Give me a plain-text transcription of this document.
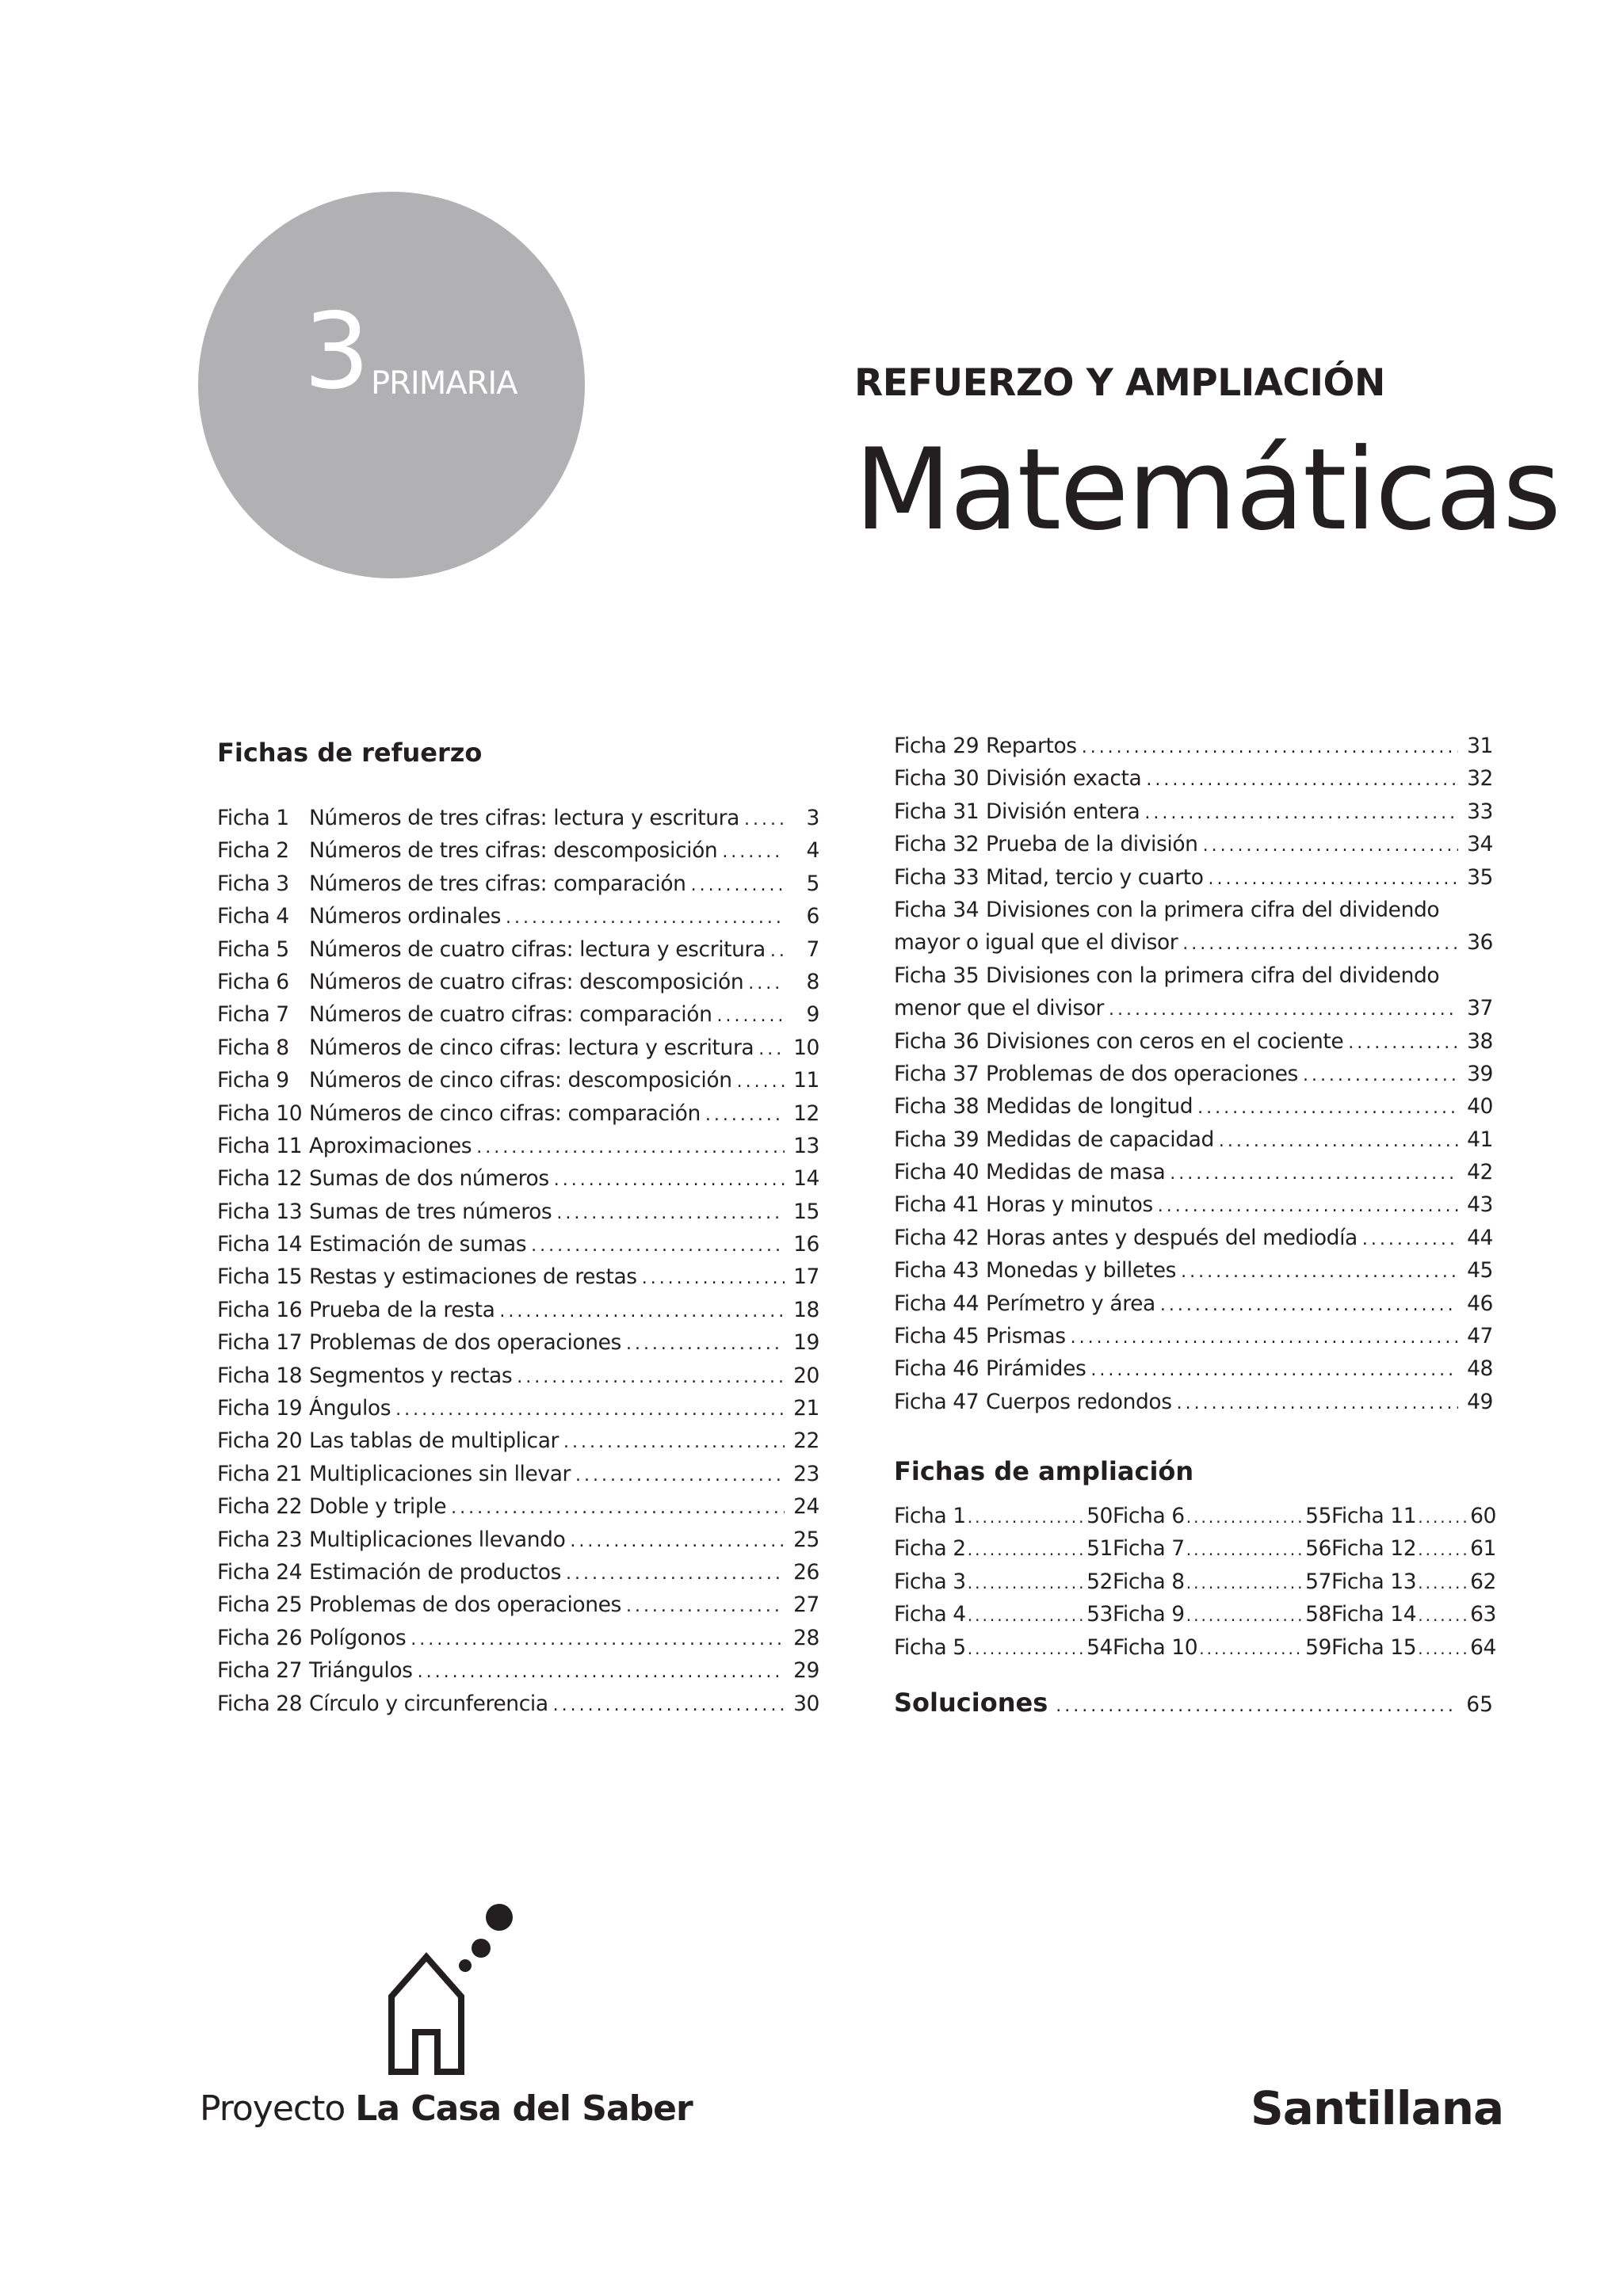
3 PRIMARIA	REFUERZO Y AMPLIACIÓN
Matemáticas
Fichas de refuerzo
Ficha 1 Números de tres cifras: lectura y escritura .....	3
Ficha 2 Números de tres cifras: descomposición .....	4
Ficha 3 Números de tres cifras: comparación .....	5
Ficha 4 Números ordinales .....	6
Ficha 5 Números de cuatro cifras: lectura y escritura .....	7
Ficha 6 Números de cuatro cifras: descomposición .....	8
Ficha 7 Números de cuatro cifras: comparación .....	9
Ficha 8 Números de cinco cifras: lectura y escritura .....	10
Ficha 9 Números de cinco cifras: descomposición .....	11
Ficha 10 Números de cinco cifras: comparación .....	12
Ficha 11 Aproximaciones .....	13
Ficha 12 Sumas de dos números .....	14
Ficha 13 Sumas de tres números .....	15
Ficha 14 Estimación de sumas .....	16
Ficha 15 Restas y estimaciones de restas .....	17
Ficha 16 Prueba de la resta .....	18
Ficha 17 Problemas de dos operaciones .....	19
Ficha 18 Segmentos y rectas .....	20
Ficha 19 Ángulos .....	21
Ficha 20 Las tablas de multiplicar .....	22
Ficha 21 Multiplicaciones sin llevar .....	23
Ficha 22 Doble y triple .....	24
Ficha 23 Multiplicaciones llevando .....	25
Ficha 24 Estimación de productos .....	26
Ficha 25 Problemas de dos operaciones .....	27
Ficha 26 Polígonos .....	28
Ficha 27 Triángulos .....	29
Ficha 28 Círculo y circunferencia .....	30
Ficha 29 Repartos .....	31
Ficha 30 División exacta .....	32
Ficha 31 División entera .....	33
Ficha 32 Prueba de la división .....	34
Ficha 33 Mitad, tercio y cuarto .....	35
Ficha 34 Divisiones con la primera cifra del dividendo
mayor o igual que el divisor .....	36
Ficha 35 Divisiones con la primera cifra del dividendo
menor que el divisor .....	37
Ficha 36 Divisiones con ceros en el cociente .....	38
Ficha 37 Problemas de dos operaciones .....	39
Ficha 38 Medidas de longitud .....	40
Ficha 39 Medidas de capacidad .....	41
Ficha 40 Medidas de masa .....	42
Ficha 41 Horas y minutos .....	43
Ficha 42 Horas antes y después del mediodía .....	44
Ficha 43 Monedas y billetes .....	45
Ficha 44 Perímetro y área .....	46
Ficha 45 Prismas .....	47
Ficha 46 Pirámides .....	48
Ficha 47 Cuerpos redondos .....	49
Fichas de ampliación
Ficha 1 .....	50
Ficha 2 .....	51
Ficha 3 .....	52
Ficha 4 .....	53
Ficha 5 .....	54
Ficha 6 .....	55
Ficha 7 .....	56
Ficha 8 .....	57
Ficha 9 .....	58
Ficha 10 .....	59
Ficha 11 .....	60
Ficha 12 .....	61
Ficha 13 .....	62
Ficha 14 .....	63
Ficha 15 .....	64
Soluciones .....	65
Proyecto La Casa del Saber	Santillana
